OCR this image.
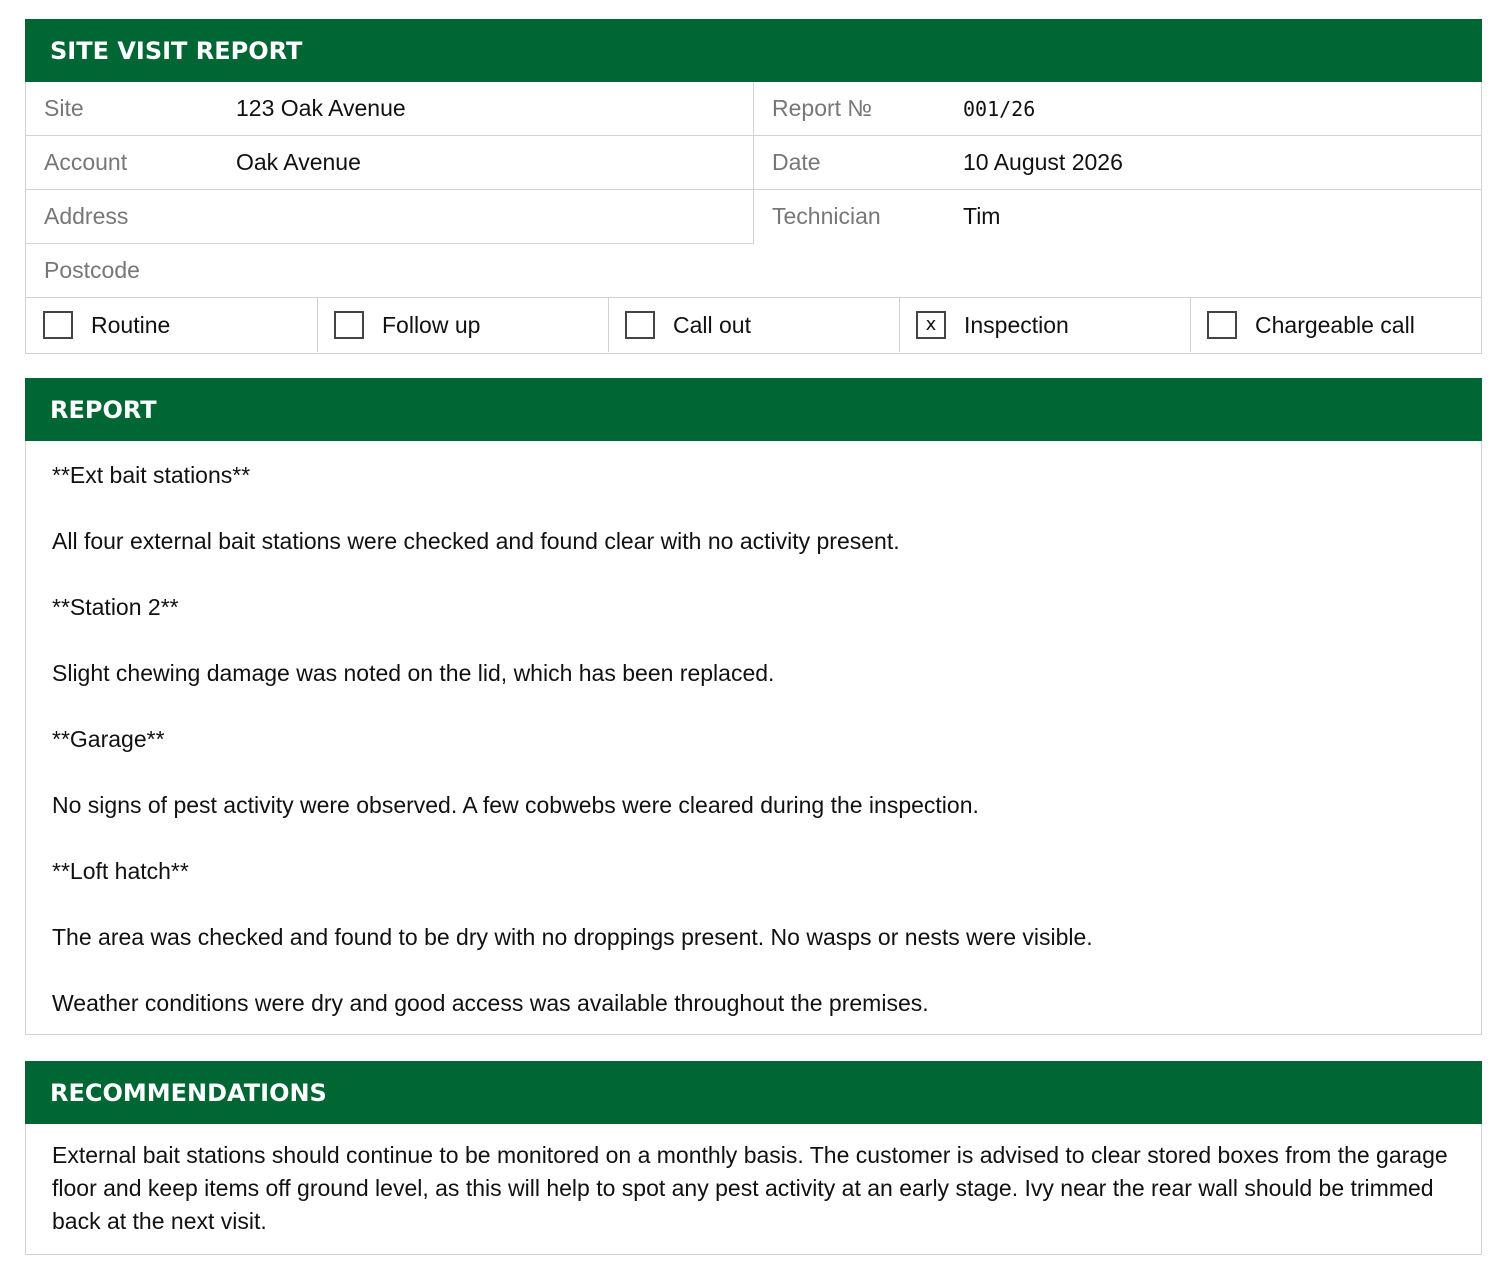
SITE VISIT REPORT
Site	123 Oak Avenue
Account	Oak Avenue
Address
Postcode
Report №	001/26
Date	10 August 2026
Technician	Tim
Routine	Follow up	Call out	x	Inspection	Chargeable call
REPORT

**Ext bait stations**

All four external bait stations were checked and found clear with no activity present.

**Station 2**

Slight chewing damage was noted on the lid, which has been replaced.

**Garage**

No signs of pest activity were observed. A few cobwebs were cleared during the inspection.

**Loft hatch**

The area was checked and found to be dry with no droppings present. No wasps or nests were visible.

Weather conditions were dry and good access was available throughout the premises.

RECOMMENDATIONS
External bait stations should continue to be monitored on a monthly basis. The customer is advised to clear stored boxes from the garage floor and keep items off ground level, as this will help to spot any pest activity at an early stage. Ivy near the rear wall should be trimmed back at the next visit.
